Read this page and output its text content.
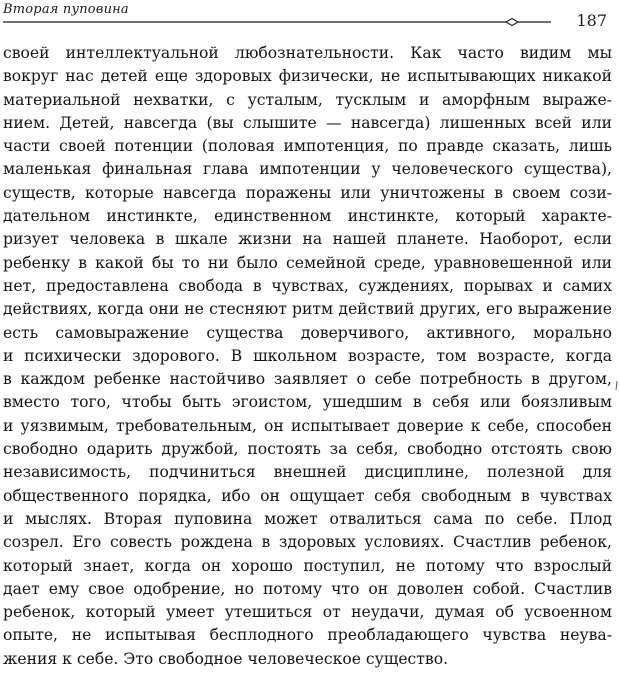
Вторая пуповина
187
своей интеллектуальной любознательности. Как часто видим мы
вокруг нас детей еще здоровых физически, не испытывающих никакой
материальной нехватки, с усталым, тусклым и аморфным выраже-
нием. Детей, навсегда (вы слышите — навсегда) лишенных всей или
части своей потенции (половая импотенция, по правде сказать, лишь
маленькая финальная глава импотенции у человеческого существа),
существ, которые навсегда поражены или уничтожены в своем сози-
дательном инстинкте, единственном инстинкте, который характе-
ризует человека в шкале жизни на нашей планете. Наоборот, если
ребенку в какой бы то ни было семейной среде, уравновешенной или
нет, предоставлена свобода в чувствах, суждениях, порывах и самих
действиях, когда они не стесняют ритм действий других, его выражение
есть самовыражение существа доверчивого, активного, морально
и психически здорового. В школьном возрасте, том возрасте, когда
в каждом ребенке настойчиво заявляет о себе потребность в другом,
вместо того, чтобы быть эгоистом, ушедшим в себя или боязливым
и уязвимым, требовательным, он испытывает доверие к себе, способен
свободно одарить дружбой, постоять за себя, свободно отстоять свою
независимость, подчиниться внешней дисциплине, полезной для
общественного порядка, ибо он ощущает себя свободным в чувствах
и мыслях. Вторая пуповина может отвалиться сама по себе. Плод
созрел. Его совесть рождена в здоровых условиях. Счастлив ребенок,
который знает, когда он хорошо поступил, не потому что взрослый
дает ему свое одобрение, но потому что он доволен собой. Счастлив
ребенок, который умеет утешиться от неудачи, думая об усвоенном
опыте, не испытывая бесплодного преобладающего чувства неува-
жения к себе. Это свободное человеческое существо.
